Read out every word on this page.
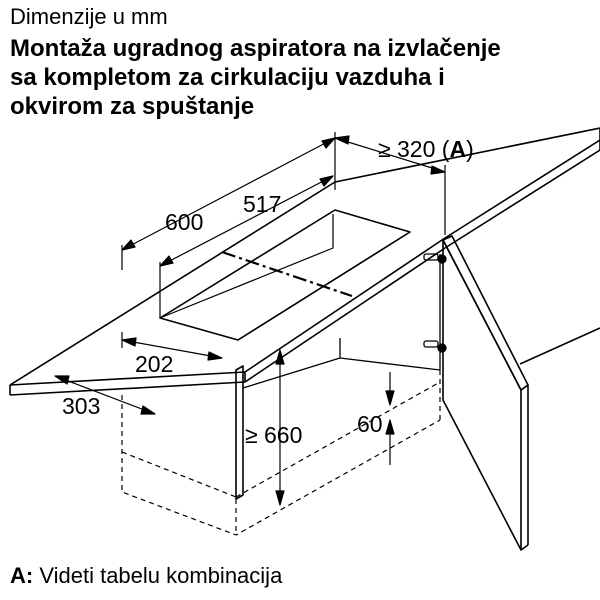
Dimenzije u mm
Montaža ugradnog aspiratora na izvlačenje
sa kompletom za cirkulaciju vazduha i
okvirom za spuštanje
600
517
≥ 320 (A)
202
303
≥ 660 60
A: Videti tabelu kombinacija
